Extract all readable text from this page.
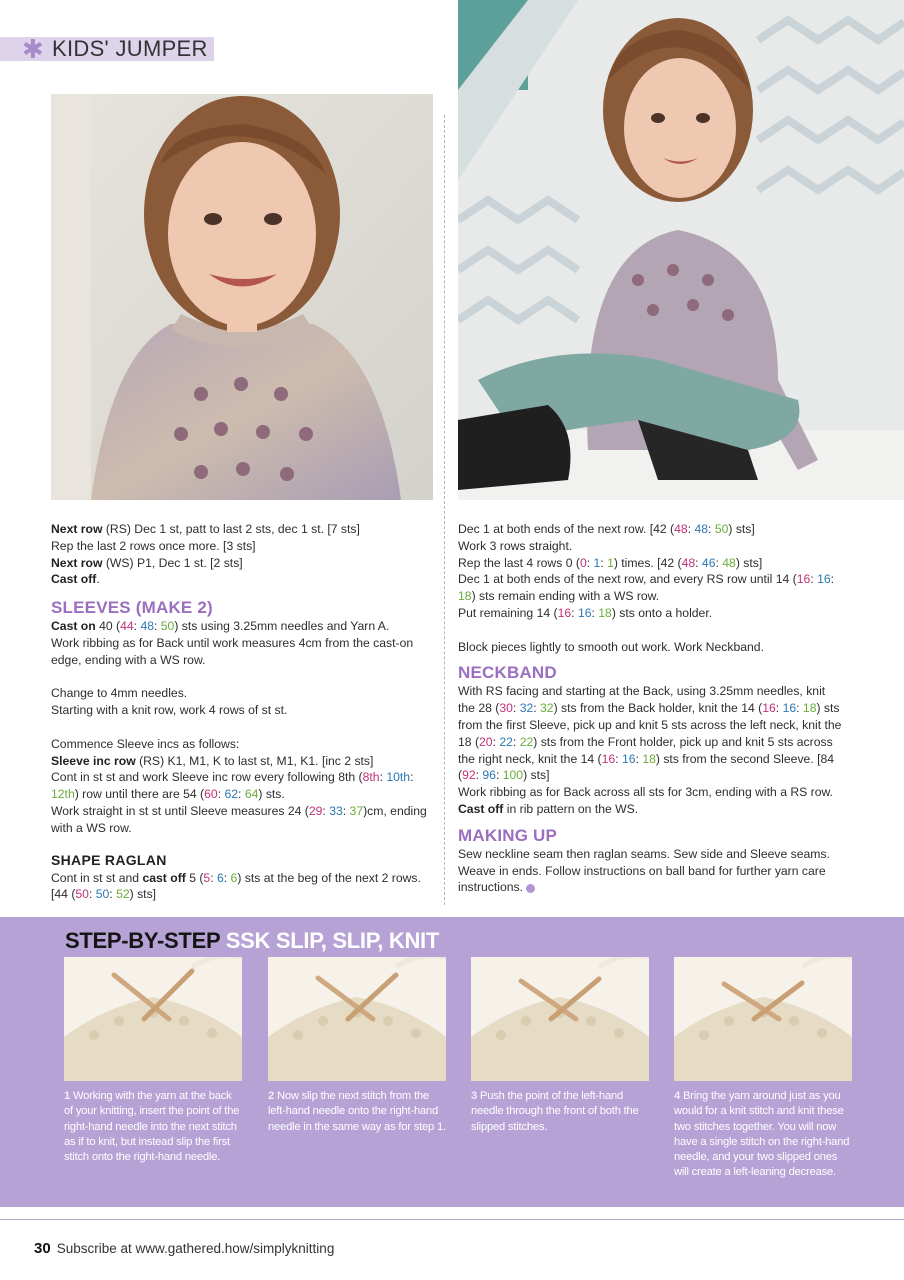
✱ KIDS' JUMPER

Next row (RS) Dec 1 st, patt to last 2 sts, dec 1 st. [7 sts]

Rep the last 2 rows once more. [3 sts]

Next row (WS) P1, Dec 1 st. [2 sts]

Cast off.

SLEEVES (MAKE 2)

Cast on 40 (44: 48: 50) sts using 3.25mm needles and Yarn A.

Work ribbing as for Back until work measures 4cm from the cast-on edge, ending with a WS row.

Change to 4mm needles.

Starting with a knit row, work 4 rows of st st.

Commence Sleeve incs as follows:

Sleeve inc row (RS) K1, M1, K to last st, M1, K1. [inc 2 sts]

Cont in st st and work Sleeve inc row every following 8th (8th: 10th: 12th) row until there are 54 (60: 62: 64) sts.

Work straight in st st until Sleeve measures 24 (29: 33: 37)cm, ending with a WS row.

SHAPE RAGLAN

Cont in st st and cast off 5 (5: 6: 6) sts at the beg of the next 2 rows. [44 (50: 50: 52) sts]

Dec 1 at both ends of the next row. [42 (48: 48: 50) sts]

Work 3 rows straight.

Rep the last 4 rows 0 (0: 1: 1) times. [42 (48: 46: 48) sts]

Dec 1 at both ends of the next row, and every RS row until 14 (16: 16: 18) sts remain ending with a WS row.

Put remaining 14 (16: 16: 18) sts onto a holder.

Block pieces lightly to smooth out work. Work Neckband.

NECKBAND

With RS facing and starting at the Back, using 3.25mm needles, knit the 28 (30: 32: 32) sts from the Back holder, knit the 14 (16: 16: 18) sts from the first Sleeve, pick up and knit 5 sts across the left neck, knit the 18 (20: 22: 22) sts from the Front holder, pick up and knit 5 sts across the right neck, knit the 14 (16: 16: 18) sts from the second Sleeve. [84 (92: 96: 100) sts]

Work ribbing as for Back across all sts for 3cm, ending with a RS row. Cast off in rib pattern on the WS.

MAKING UP

Sew neckline seam then raglan seams. Sew side and Sleeve seams. Weave in ends. Follow instructions on ball band for further yarn care instructions.

STEP-BY-STEP SSK SLIP, SLIP, KNIT
1 Working with the yarn at the back of your knitting, insert the point of the right-hand needle into the next stitch as if to knit, but instead slip the first stitch onto the right-hand needle.
2 Now slip the next stitch from the left-hand needle onto the right-hand needle in the same way as for step 1.
3 Push the point of the left-hand needle through the front of both the slipped stitches.
4 Bring the yarn around just as you would for a knit stitch and knit these two stitches together. You will now have a single stitch on the right-hand needle, and your two slipped ones will create a left-leaning decrease.
30 Subscribe at www.gathered.how/simplyknitting
